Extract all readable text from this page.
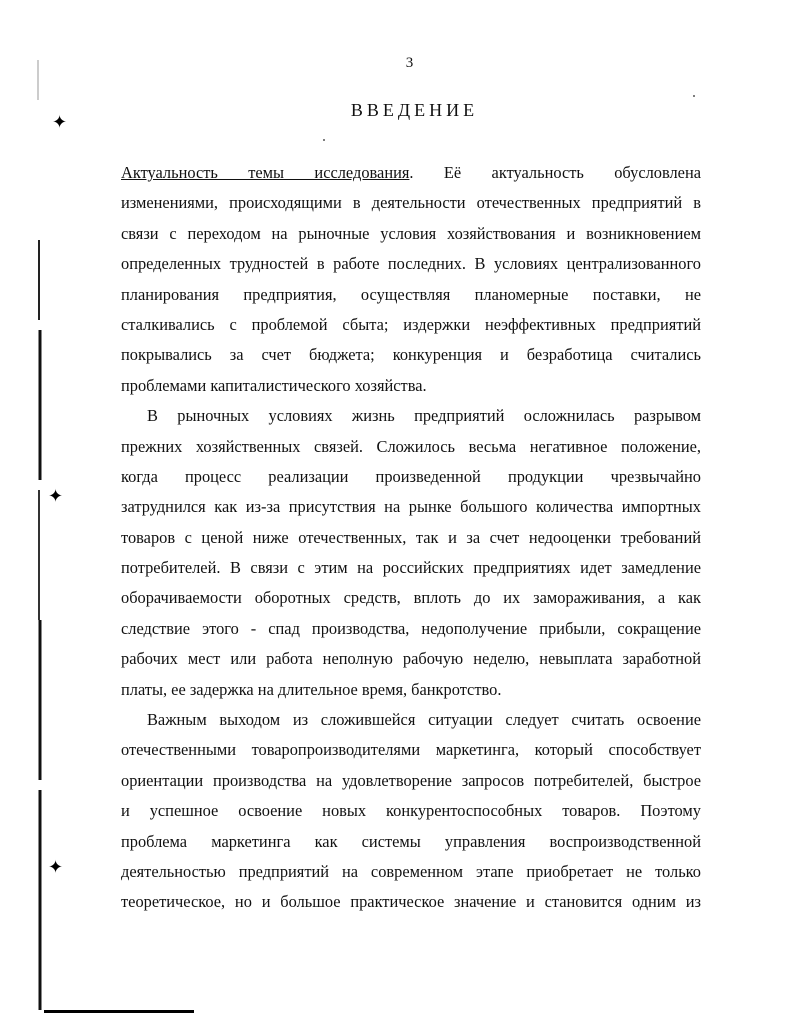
✦
✦
✦
3
ВВЕДЕНИЕ
Актуальность темы исследования. Её актуальность обусловлена
изменениями, происходящими в деятельности отечественных предприятий в
связи с переходом на рыночные условия хозяйствования и возникновением
определенных трудностей в работе последних. В условиях централизованного
планирования предприятия, осуществляя планомерные поставки, не
сталкивались с проблемой сбыта; издержки неэффективных предприятий
покрывались за счет бюджета; конкуренция и безработица считались
проблемами капиталистического хозяйства.
В рыночных условиях жизнь предприятий осложнилась разрывом
прежних хозяйственных связей. Сложилось весьма негативное положение,
когда процесс реализации произведенной продукции чрезвычайно
затруднился как из-за присутствия на рынке большого количества импортных
товаров с ценой ниже отечественных, так и за счет недооценки требований
потребителей. В связи с этим на российских предприятиях идет замедление
оборачиваемости оборотных средств, вплоть до их замораживания, а как
следствие этого - спад производства, недополучение прибыли, сокращение
рабочих мест или работа неполную рабочую неделю, невыплата заработной
платы, ее задержка на длительное время, банкротство.
Важным выходом из сложившейся ситуации следует считать освоение
отечественными товаропроизводителями маркетинга, который способствует
ориентации производства на удовлетворение запросов потребителей, быстрое
и успешное освоение новых конкурентоспособных товаров. Поэтому
проблема маркетинга как системы управления воспроизводственной
деятельностью предприятий на современном этапе приобретает не только
теоретическое, но и большое практическое значение и становится одним из
